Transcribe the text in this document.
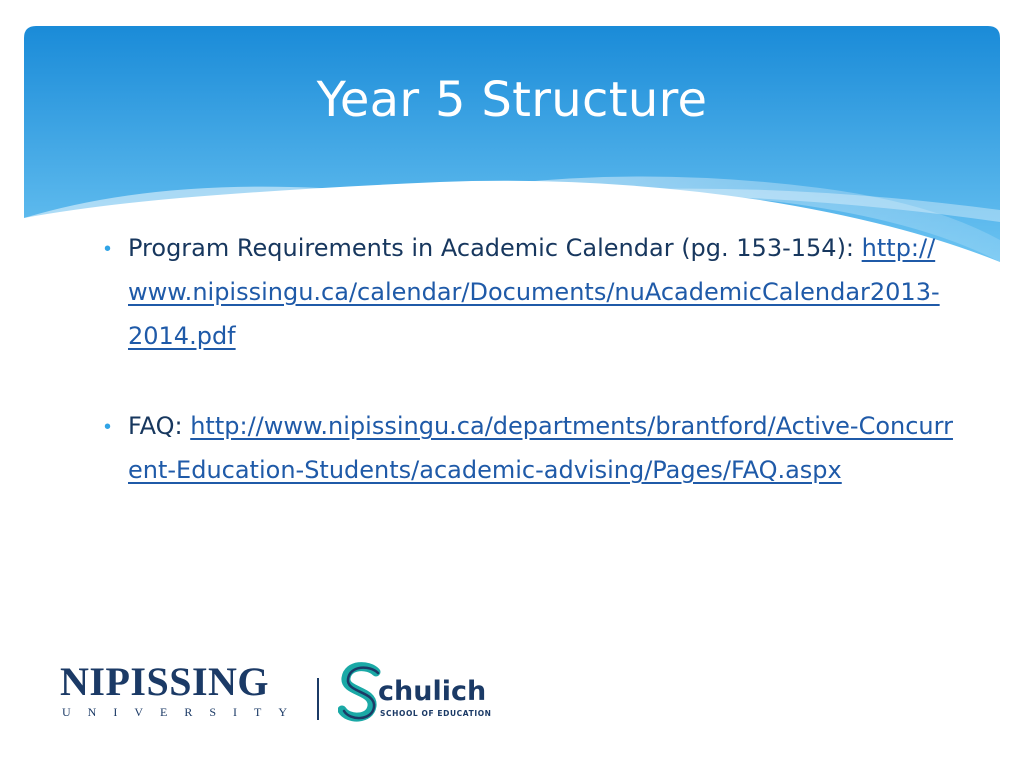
Year 5 Structure
• Program Requirements in Academic Calendar (pg. 153-154): http://www.nipissingu.ca/calendar/Documents/nuAcademicCalendar2013-2014.pdf
• FAQ: http://www.nipissingu.ca/departments/brantford/Active-Concurrent-Education-Students/academic-advising/Pages/FAQ.aspx
NIPISSING
UNIVERSITY
chulich
SCHOOL OF EDUCATION
